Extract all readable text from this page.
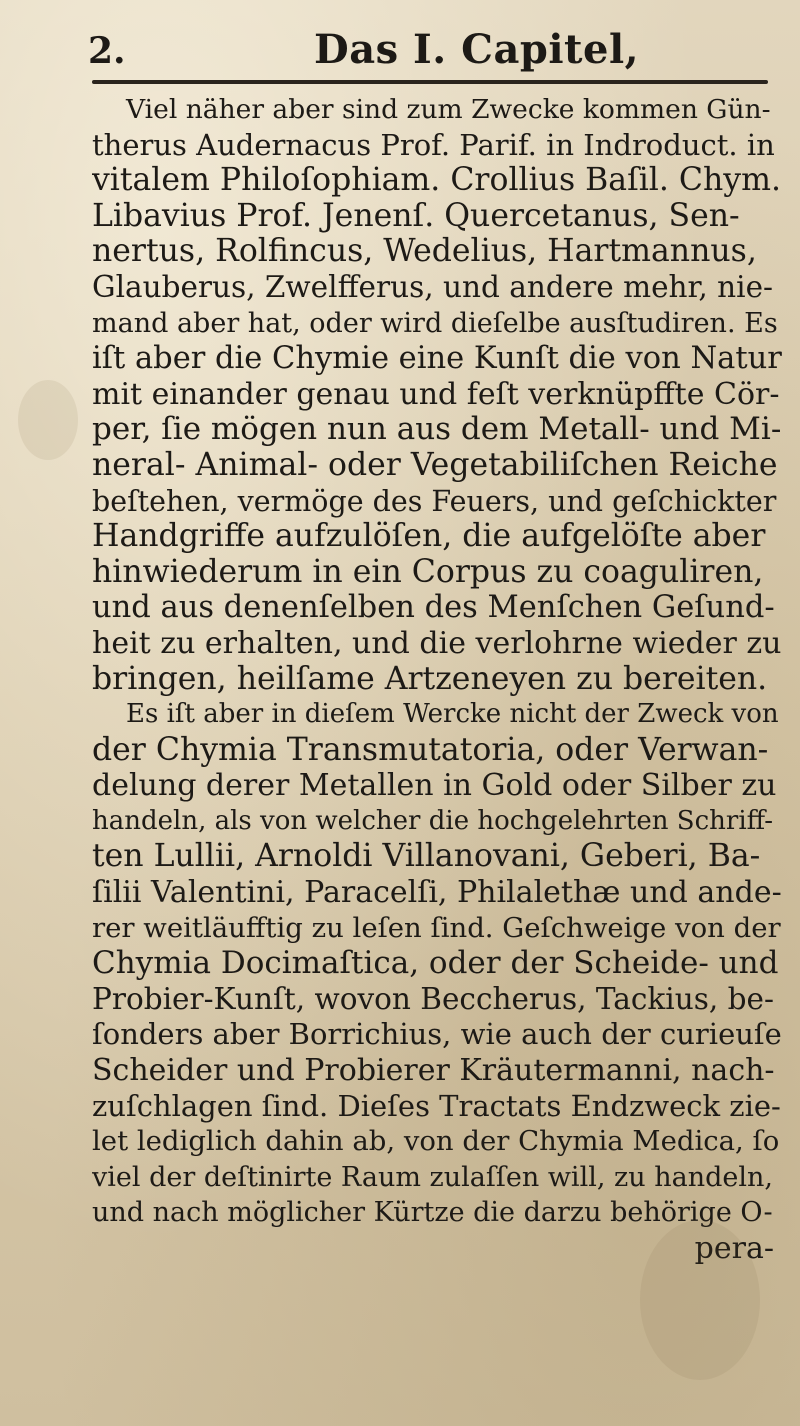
2.	Das I. Capitel,
Viel näher aber sind zum Zwecke kommen Gün-
therus Audernacus Prof. Parif. in Indroduct. in
vitalem Philoſophiam. Crollius Baſil. Chym.
Libavius Prof. Jenenſ. Quercetanus, Sen-
nertus, Rolfincus, Wedelius, Hartmannus,
Glauberus, Zwelfferus, und andere mehr, nie-
mand aber hat, oder wird dieſelbe ausſtudiren. Es
iſt aber die Chymie eine Kunſt die von Natur
mit einander genau und feſt verknüpffte Cör-
per, ſie mögen nun aus dem Metall- und Mi-
neral- Animal- oder Vegetabiliſchen Reiche
beſtehen, vermöge des Feuers, und geſchickter
Handgriffe aufzulöſen, die aufgelöſte aber
hinwiederum in ein Corpus zu coaguliren,
und aus denenſelben des Menſchen Geſund-
heit zu erhalten, und die verlohrne wieder zu
bringen, heilſame Artzeneyen zu bereiten.
Es iſt aber in dieſem Wercke nicht der Zweck von
der Chymia Transmutatoria, oder Verwan-
delung derer Metallen in Gold oder Silber zu
handeln, als von welcher die hochgelehrten Schriff-
ten Lullii, Arnoldi Villanovani, Geberi, Ba-
ſilii Valentini, Paracelſi, Philalethæ und ande-
rer weitläufftig zu leſen ſind. Geſchweige von der
Chymia Docimaſtica, oder der Scheide- und
Probier-Kunſt, wovon Beccherus, Tackius, be-
ſonders aber Borrichius, wie auch der curieuſe
Scheider und Probierer Kräutermanni, nach-
zuſchlagen ſind. Dieſes Tractats Endzweck zie-
let lediglich dahin ab, von der Chymia Medica, ſo
viel der deſtinirte Raum zulaſſen will, zu handeln,
und nach möglicher Kürtze die darzu behörige O-
pera-
